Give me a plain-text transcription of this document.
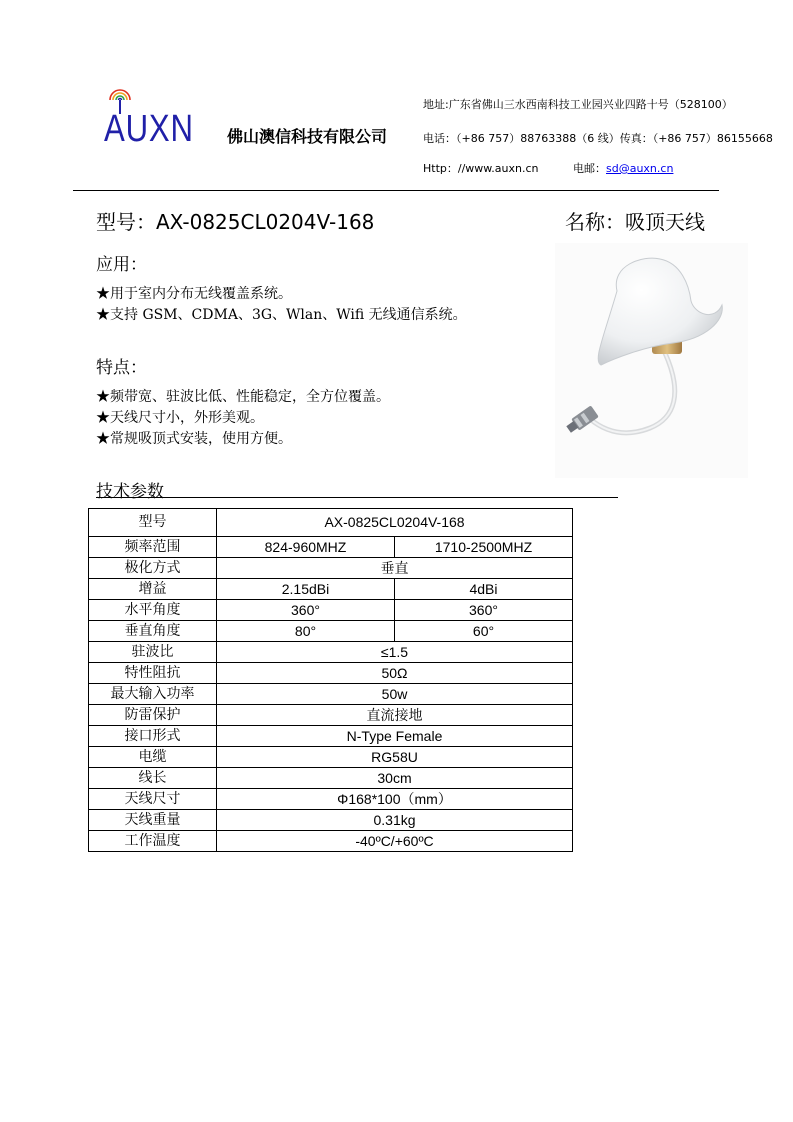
AUXN 佛山澳信科技有限公司
地址:广东省佛山三水西南科技工业园兴业四路十号（528100）
电话：（+86 757）88763388（6 线）传真：（+86 757）86155668
Http：//www.auxn.cn	电邮：sd@auxn.cn
型号：AX-0825CL0204V-168	名称：吸顶天线
应用：
★用于室内分布无线覆盖系统。
★支持 GSM、CDMA、3G、Wlan、Wifi 无线通信系统。
特点：
★频带宽、驻波比低、性能稳定，全方位覆盖。
★天线尺寸小，外形美观。
★常规吸顶式安装，使用方便。
技术参数
型号	AX-0825CL0204V-168	
频率范围	824-960MHZ	1710-2500MHZ
极化方式	垂直	
增益	2.15dBi	4dBi
水平角度	360°	360°
垂直角度	80°	60°
驻波比	≤1.5	
特性阻抗	50Ω	
最大输入功率	50w	
防雷保护	直流接地	
接口形式	N-Type Female	
电缆	RG58U	
线长	30cm	
天线尺寸	Φ168*100（mm）	
天线重量	0.31kg	
工作温度	-40ºC/+60ºC	
